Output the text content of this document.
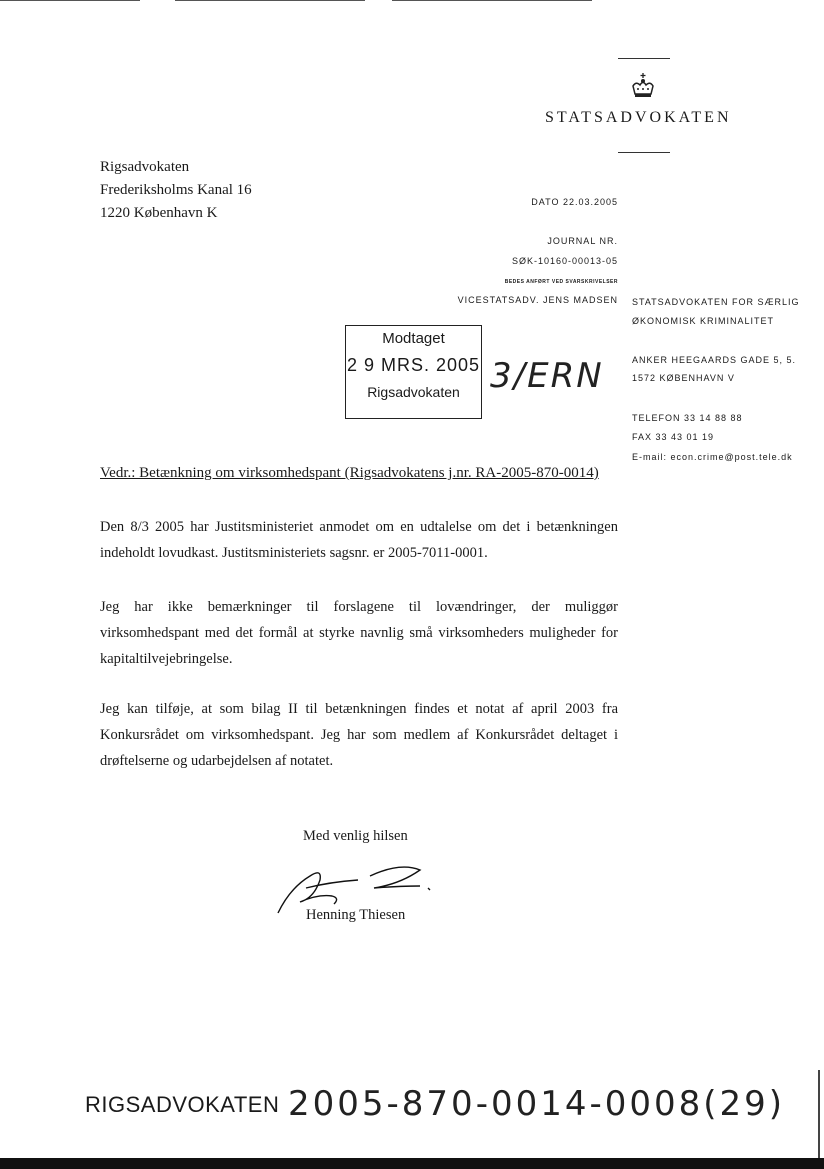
STATSADVOKATEN
Rigsadvokaten
Frederiksholms Kanal 16
1220 København K
DATO 22.03.2005
JOURNAL NR.
SØK-10160-00013-05
BEDES ANFØRT VED SVARSKRIVELSER
VICESTATSADV. JENS MADSEN STATSADVOKATEN FOR SÆRLIG
ØKONOMISK KRIMINALITET
ANKER HEEGAARDS GADE 5, 5.
1572 KØBENHAVN V
TELEFON 33 14 88 88
FAX 33 43 01 19
E-mail: econ.crime@post.tele.dk
Modtaget
2 9 MRS. 2005
Rigsadvokaten 3/ERN
Vedr.: Betænkning om virksomhedspant (Rigsadvokatens j.nr. RA-2005-870-0014)
Den 8/3 2005 har Justitsministeriet anmodet om en udtalelse om det i betænkningen indeholdt lovudkast. Justitsministeriets sagsnr. er 2005-7011-0001.
Jeg har ikke bemærkninger til forslagene til lovændringer, der muliggør virksomhedspant med det formål at styrke navnlig små virksomheders muligheder for kapitaltilvejebringelse.
Jeg kan tilføje, at som bilag II til betænkningen findes et notat af april 2003 fra Konkursrådet om virksomhedspant. Jeg har som medlem af Konkursrådet deltaget i drøftelserne og udarbejdelsen af notatet.
Med venlig hilsen
Henning Thiesen
RIGSADVOKATEN 2005-870-0014-0008(29)
